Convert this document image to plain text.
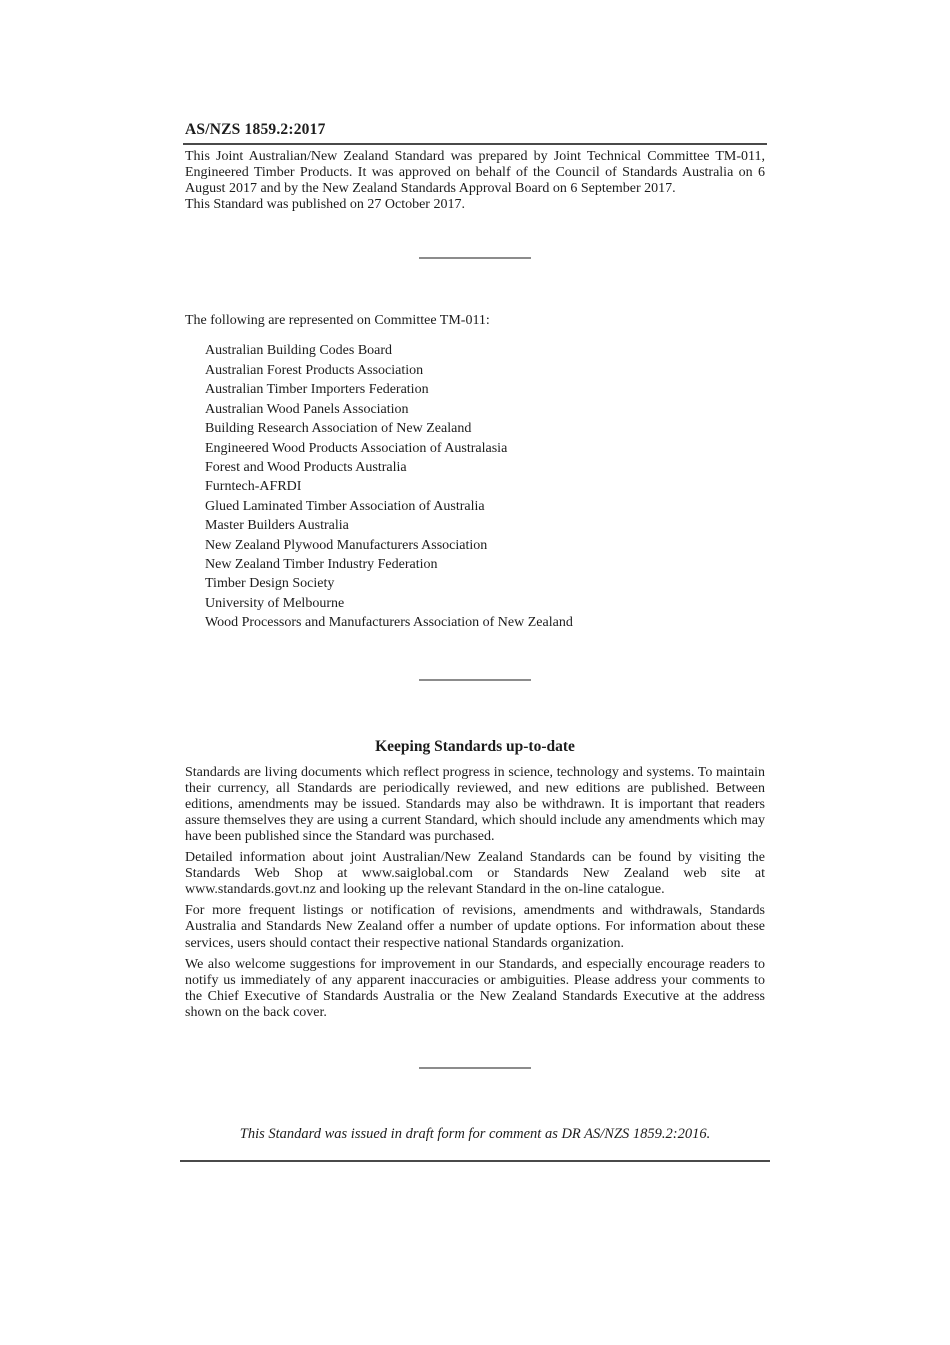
AS/NZS 1859.2:2017

This Joint Australian/New Zealand Standard was prepared by Joint Technical Committee TM-011, Engineered Timber Products. It was approved on behalf of the Council of Standards Australia on 6 August 2017 and by the New Zealand Standards Approval Board on 6 September 2017.

This Standard was published on 27 October 2017.

The following are represented on Committee TM-011:

Australian Building Codes Board
Australian Forest Products Association
Australian Timber Importers Federation
Australian Wood Panels Association
Building Research Association of New Zealand
Engineered Wood Products Association of Australasia
Forest and Wood Products Australia
Furntech-AFRDI
Glued Laminated Timber Association of Australia
Master Builders Australia
New Zealand Plywood Manufacturers Association
New Zealand Timber Industry Federation
Timber Design Society
University of Melbourne
Wood Processors and Manufacturers Association of New Zealand
Keeping Standards up-to-date

Standards are living documents which reflect progress in science, technology and systems. To maintain their currency, all Standards are periodically reviewed, and new editions are published. Between editions, amendments may be issued. Standards may also be withdrawn. It is important that readers assure themselves they are using a current Standard, which should include any amendments which may have been published since the Standard was purchased.

Detailed information about joint Australian/New Zealand Standards can be found by visiting the Standards Web Shop at www.saiglobal.com or Standards New Zealand web site at www.standards.govt.nz and looking up the relevant Standard in the on-line catalogue.

For more frequent listings or notification of revisions, amendments and withdrawals, Standards Australia and Standards New Zealand offer a number of update options. For information about these services, users should contact their respective national Standards organization.

We also welcome suggestions for improvement in our Standards, and especially encourage readers to notify us immediately of any apparent inaccuracies or ambiguities. Please address your comments to the Chief Executive of Standards Australia or the New Zealand Standards Executive at the address shown on the back cover.

This Standard was issued in draft form for comment as DR AS/NZS 1859.2:2016.
